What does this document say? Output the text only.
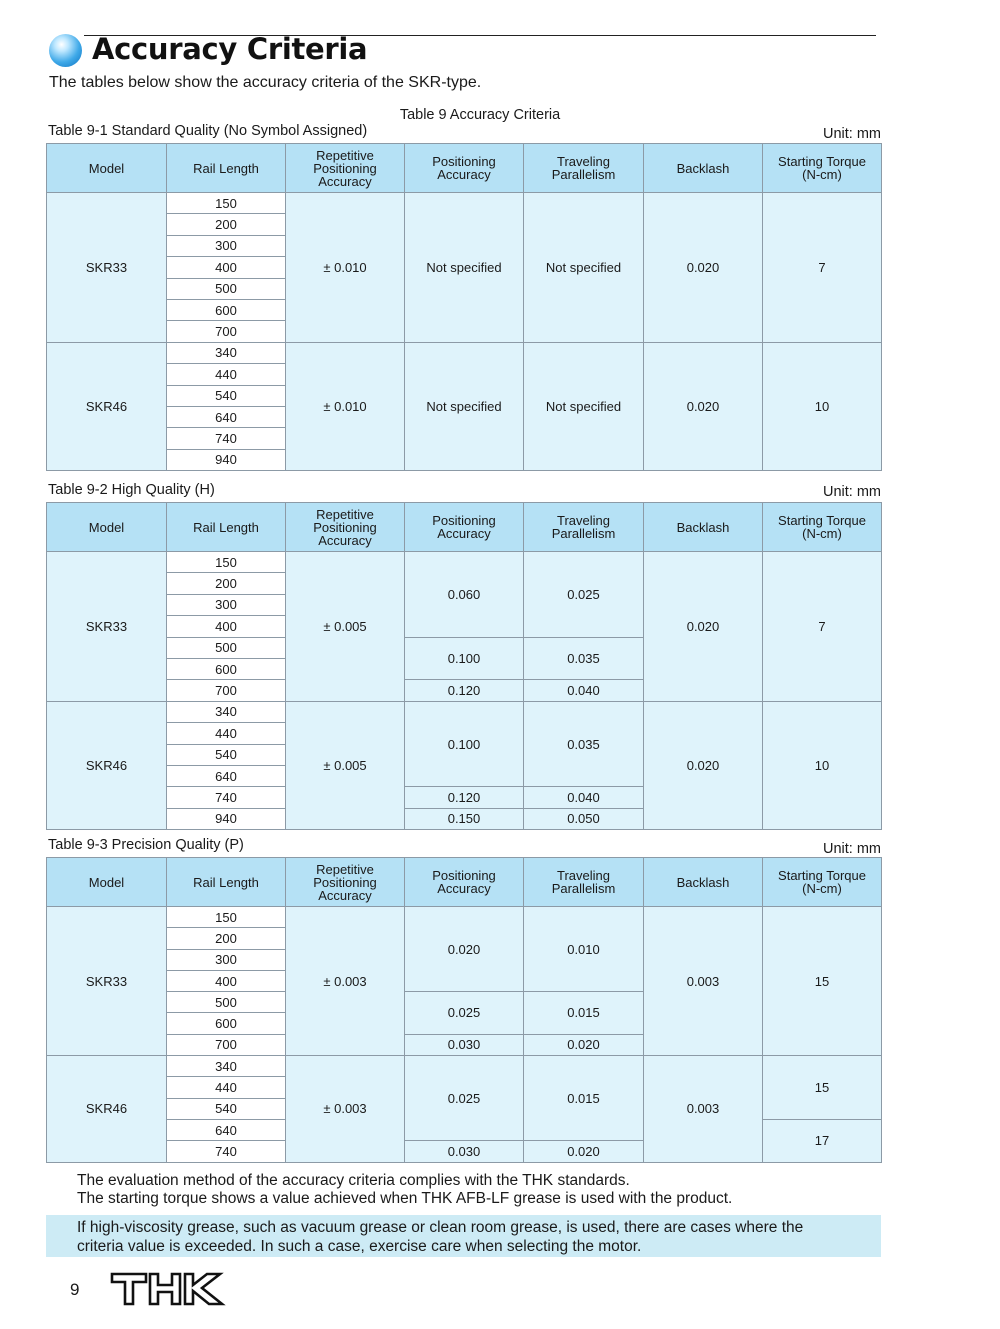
Accuracy Criteria
The tables below show the accuracy criteria of the SKR-type.
Table 9 Accuracy Criteria
Table 9-1 Standard Quality (No Symbol Assigned)	Unit: mm
Model	Rail Length	Repetitive Positioning Accuracy	Positioning Accuracy	Traveling Parallelism	Backlash	Starting Torque (N-cm)
SKR33	150	± 0.010	Not specified	Not specified	0.020	7
	200					
	300					
	400					
	500					
	600					
	700					
SKR46	340	± 0.010	Not specified	Not specified	0.020	10
	440					
	540					
	640					
	740					
	940					
Table 9-2 High Quality (H)	Unit: mm
Model	Rail Length	Repetitive Positioning Accuracy	Positioning Accuracy	Traveling Parallelism	Backlash	Starting Torque (N-cm)
SKR33	150	± 0.005	0.060	0.025	0.020	7
	200					
	300					
	400					
	500		0.100	0.035		
	600					
	700		0.120	0.040		
SKR46	340	± 0.005	0.100	0.035	0.020	10
	440					
	540					
	640					
	740		0.120	0.040		
	940		0.150	0.050		
Table 9-3 Precision Quality (P)	Unit: mm
Model	Rail Length	Repetitive Positioning Accuracy	Positioning Accuracy	Traveling Parallelism	Backlash	Starting Torque (N-cm)
SKR33	150	± 0.003	0.020	0.010	0.003	15
	200					
	300					
	400					
	500		0.025	0.015		
	600					
	700		0.030	0.020		
SKR46	340	± 0.003	0.025	0.015	0.003	15
	440					
	540					
	640					17
	740		0.030	0.020		
The evaluation method of the accuracy criteria complies with the THK standards.
The starting torque shows a value achieved when THK AFB-LF grease is used with the product.
If high-viscosity grease, such as vacuum grease or clean room grease, is used, there are cases where the
criteria value is exceeded. In such a case, exercise care when selecting the motor.
9
